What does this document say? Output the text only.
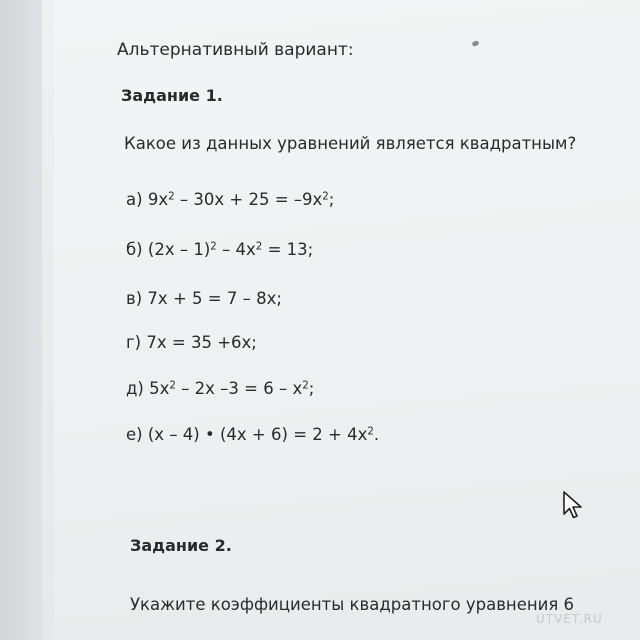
Альтернативный вариант:
Задание 1.
Какое из данных уравнений является квадратным?
а) $9x^2 - 30x + 25 = -9x^2$;
б) $(2x - 1)^2 - 4x^2 = 13$;
в) 7x + 5 = 7 – 8x;
г) 7x = 35 +6x;
д) $5x^2 - 2x$ $-3 = 6 - x^2$;
е) (x – 4) • $(4x + 6) = 2 + 4x^2$.
Задание 2.
Укажите коэффициенты квадратного уравнения 6
UTVET.RU
